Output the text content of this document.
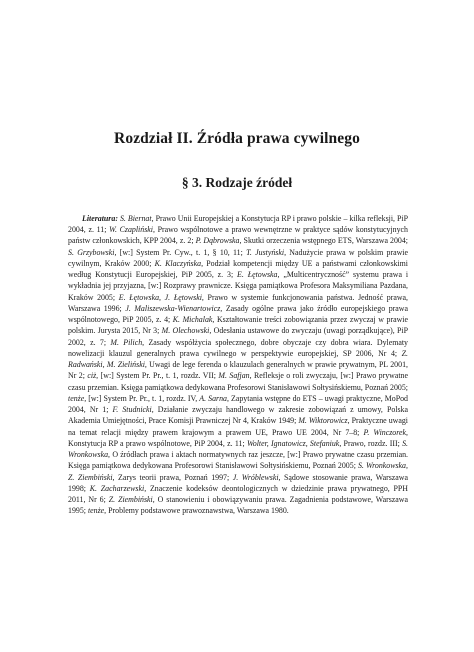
Rozdział II. Źródła prawa cywilnego
§ 3. Rodzaje źródeł

Literatura: S. Biernat, Prawo Unii Europejskiej a Konstytucja RP i prawo polskie – kilka refleksji, PiP 2004, z. 11; W. Czapliński, Prawo wspólnotowe a prawo wewnętrzne w praktyce sądów konstytucyjnych państw członkowskich, KPP 2004, z. 2; P. Dąbrowska, Skutki orzeczenia wstępnego ETS, Warszawa 2004; S. Grzybowski, [w:] System Pr. Cyw., t. 1, § 10, 11; T. Justyński, Nadużycie prawa w polskim prawie cywilnym, Kraków 2000; K. Klaczyńska, Podział kompetencji między UE a państwami członkowskimi według Konstytucji Europejskiej, PiP 2005, z. 3; E. Łętowska, „Multicentryczność” systemu prawa i wykładnia jej przyjazna, [w:] Rozprawy prawnicze. Księga pamiątkowa Profesora Maksymiliana Pazdana, Kraków 2005; E. Łętowska, J. Łętowski, Prawo w systemie funkcjonowania państwa. Jedność prawa, Warszawa 1996; J. Maliszewska-Wienartowicz, Zasady ogólne prawa jako źródło europejskiego prawa wspólnotowego, PiP 2005, z. 4; K. Michalak, Kształtowanie treści zobowiązania przez zwyczaj w prawie polskim. Jurysta 2015, Nr 3; M. Olechowski, Odesłania ustawowe do zwyczaju (uwagi porządkujące), PiP 2002, z. 7; M. Pilich, Zasady współżycia społecznego, dobre obyczaje czy dobra wiara. Dylematy nowelizacji klauzul generalnych prawa cywilnego w perspektywie europejskiej, SP 2006, Nr 4; Z. Radwański, M. Zieliński, Uwagi de lege ferenda o klauzulach generalnych w prawie prywatnym, PL 2001, Nr 2; ciż, [w:] System Pr. Pr., t. 1, rozdz. VII; M. Safjan, Refleksje o roli zwyczaju, [w:] Prawo prywatne czasu przemian. Księga pamiątkowa dedykowana Profesorowi Stanisławowi Sołtysińskiemu, Poznań 2005; tenże, [w:] System Pr. Pr., t. 1, rozdz. IV, A. Sarna, Zapytania wstępne do ETS – uwagi praktyczne, MoPod 2004, Nr 1; F. Studnicki, Działanie zwyczaju handlowego w zakresie zobowiązań z umowy, Polska Akademia Umiejętności, Prace Komisji Prawniczej Nr 4, Kraków 1949; M. Wiktorowicz, Praktyczne uwagi na temat relacji między prawem krajowym a prawem UE, Prawo UE 2004, Nr 7–8; P. Winczorek, Konstytucja RP a prawo wspólnotowe, PiP 2004, z. 11; Wolter, Ignatowicz, Stefaniuk, Prawo, rozdz. III; S. Wronkowska, O źródłach prawa i aktach normatywnych raz jeszcze, [w:] Prawo prywatne czasu przemian. Księga pamiątkowa dedykowana Profesorowi Stanisławowi Sołtysińskiemu, Poznań 2005; S. Wronkowska, Z. Ziembiński, Zarys teorii prawa, Poznań 1997; J. Wróblewski, Sądowe stosowanie prawa, Warszawa 1998; K. Zacharzewski, Znaczenie kodeksów deontologicznych w dziedzinie prawa prywatnego, PPH 2011, Nr 6; Z. Ziembiński, O stanowieniu i obowiązywaniu prawa. Zagadnienia podstawowe, Warszawa 1995; tenże, Problemy podstawowe prawoznawstwa, Warszawa 1980.
